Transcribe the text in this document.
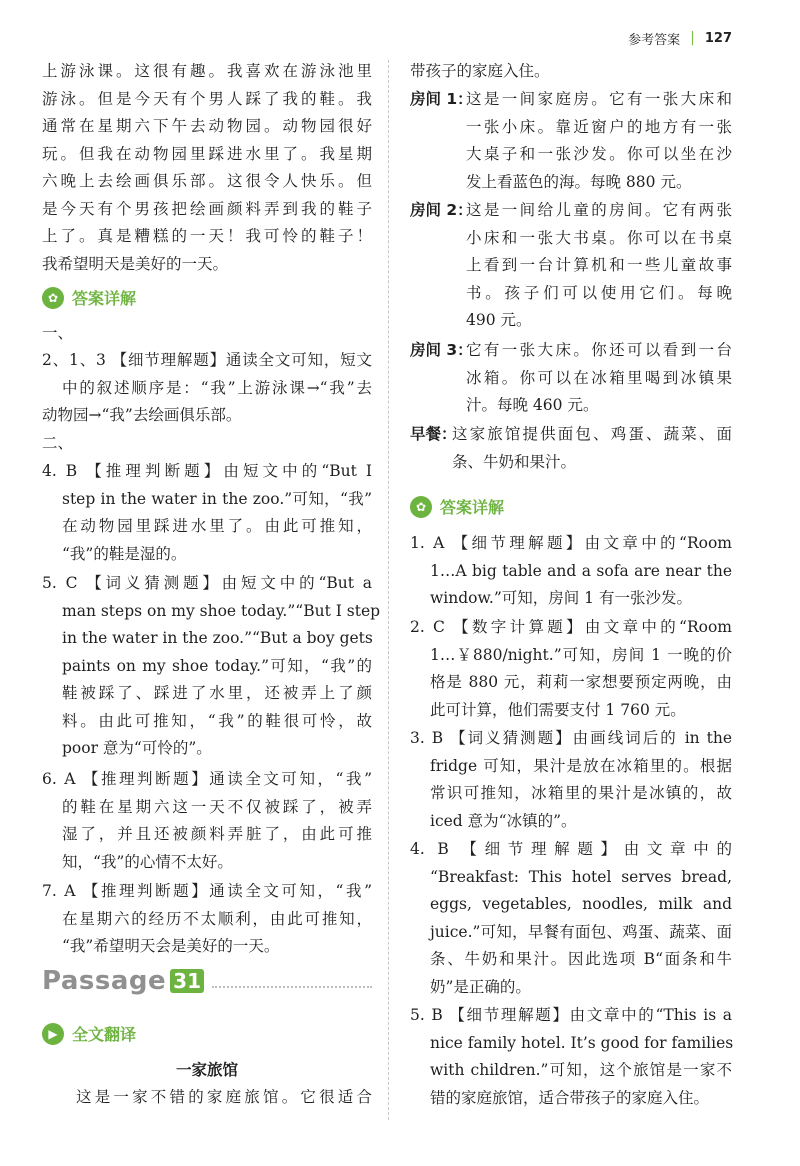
参考答案 | 127
上游泳课。这很有趣。我喜欢在游泳池里
游泳。但是今天有个男人踩了我的鞋。我
通常在星期六下午去动物园。动物园很好
玩。但我在动物园里踩进水里了。我星期
六晚上去绘画俱乐部。这很令人快乐。但
是今天有个男孩把绘画颜料弄到我的鞋子
上了。真是糟糕的一天！我可怜的鞋子！
我希望明天是美好的一天。
✿ 答案详解
一、
2、1、3 【细节理解题】通读全文可知，短文
中的叙述顺序是：“我”上游泳课→“我”去
动物园→“我”去绘画俱乐部。
二、
4. B 【推理判断题】由短文中的“But I
step in the water in the zoo.”可知，“我”
在动物园里踩进水里了。由此可推知，
“我”的鞋是湿的。
5. C 【词义猜测题】由短文中的“But a
man steps on my shoe today.”“But I step
in the water in the zoo.”“But a boy gets
paints on my shoe today.”可知，“我”的
鞋被踩了、踩进了水里，还被弄上了颜
料。由此可推知，“我”的鞋很可怜，故
poor 意为“可怜的”。
6. A 【推理判断题】通读全文可知，“我”
的鞋在星期六这一天不仅被踩了，被弄
湿了，并且还被颜料弄脏了，由此可推
知，“我”的心情不太好。
7. A 【推理判断题】通读全文可知，“我”
在星期六的经历不太顺利，由此可推知，
“我”希望明天会是美好的一天。
Passage 31
▶ 全文翻译
一家旅馆
这是一家不错的家庭旅馆。它很适合
带孩子的家庭入住。
房间 1：
这是一间家庭房。它有一张大床和
一张小床。靠近窗户的地方有一张
大桌子和一张沙发。你可以坐在沙
发上看蓝色的海。每晚 880 元。
房间 2：
这是一间给儿童的房间。它有两张
小床和一张大书桌。你可以在书桌
上看到一台计算机和一些儿童故事
书。孩子们可以使用它们。每晚
490 元。
房间 3：
它有一张大床。你还可以看到一台
冰箱。你可以在冰箱里喝到冰镇果
汁。每晚 460 元。
早餐：
这家旅馆提供面包、鸡蛋、蔬菜、面
条、牛奶和果汁。
✿ 答案详解
1. A 【细节理解题】由文章中的“Room
1…A big table and a sofa are near the
window.”可知，房间 1 有一张沙发。
2. C 【数字计算题】由文章中的“Room
1…￥880/night.”可知，房间 1 一晚的价
格是 880 元，莉莉一家想要预定两晚，由
此可计算，他们需要支付 1 760 元。
3. B 【词义猜测题】由画线词后的 in the
fridge 可知，果汁是放在冰箱里的。根据
常识可推知，冰箱里的果汁是冰镇的，故
iced 意为“冰镇的”。
4. B 【细节理解题】由文章中的
“Breakfast: This hotel serves bread,
eggs, vegetables, noodles, milk and
juice.”可知，早餐有面包、鸡蛋、蔬菜、面
条、牛奶和果汁。因此选项 B“面条和牛
奶”是正确的。
5. B 【细节理解题】由文章中的“This is a
nice family hotel. It’s good for families
with children.”可知，这个旅馆是一家不
错的家庭旅馆，适合带孩子的家庭入住。
